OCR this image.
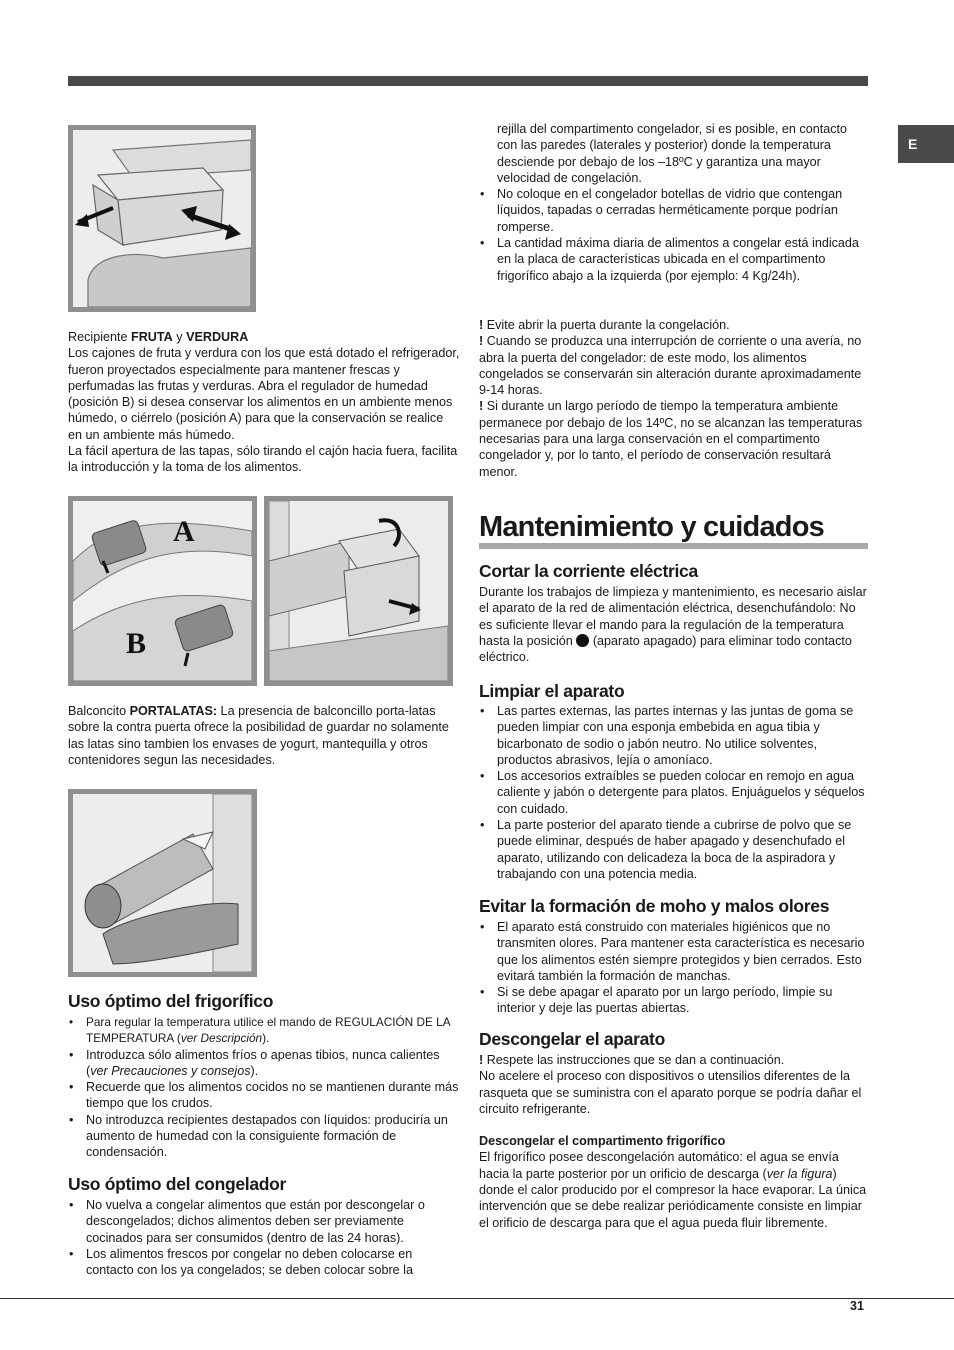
E

Recipiente FRUTA y VERDURA

Los cajones de fruta y verdura con los que está dotado el refrigerador, fueron proyectados especialmente para mantener frescas y perfumadas las frutas y verduras. Abra el regulador de humedad (posición B) si desea conservar los alimentos en un ambiente menos húmedo, o ciérrelo (posición A) para que la conservación se realice en un ambiente más húmedo.

La fácil apertura de las tapas, sólo tirando el cajón hacia fuera, facilita la introducción y la toma de los alimentos.

A
B

Balconcito PORTALATAS: La presencia de balconcillo porta-latas sobre la contra puerta ofrece la posibilidad de guardar no solamente las latas sino tambien los envases de yogurt, mantequilla y otros contenidores segun las necesidades.

Uso óptimo del frigorífico
• Para regular la temperatura utilice el mando de REGULACIÓN DE LA TEMPERATURA (ver Descripción).
• Introduzca sólo alimentos fríos o apenas tibios, nunca calientes (ver Precauciones y consejos).
• Recuerde que los alimentos cocidos no se mantienen durante más tiempo que los crudos.
• No introduzca recipientes destapados con líquidos: produciría un aumento de humedad con la consiguiente formación de condensación.
Uso óptimo del congelador
• No vuelva a congelar alimentos que están por descongelar o descongelados; dichos alimentos deben ser previamente cocinados para ser consumidos (dentro de las 24 horas).
• Los alimentos frescos por congelar no deben colocarse en contacto con los ya congelados; se deben colocar sobre la

rejilla del compartimento congelador, si es posible, en contacto con las paredes (laterales y posterior) donde la temperatura desciende por debajo de los –18ºC y garantiza una mayor velocidad de congelación.

• No coloque en el congelador botellas de vidrio que contengan líquidos, tapadas o cerradas herméticamente porque podrían romperse.
• La cantidad máxima diaria de alimentos a congelar está indicada en la placa de características ubicada en el compartimento frigorífico abajo a la izquierda (por ejemplo: 4 Kg/24h).

! Evite abrir la puerta durante la congelación.

! Cuando se produzca una interrupción de corriente o una avería, no abra la puerta del congelador: de este modo, los alimentos congelados se conservarán sin alteración durante aproximadamente 9-14 horas.

! Si durante un largo período de tiempo la temperatura ambiente permanece por debajo de los 14ºC, no se alcanzan las temperaturas necesarias para una larga conservación en el compartimento congelador y, por lo tanto, el período de conservación resultará menor.

Mantenimiento y cuidados
Cortar la corriente eléctrica

Durante los trabajos de limpieza y mantenimiento, es necesario aislar el aparato de la red de alimentación eléctrica, desenchufándolo: No es suficiente llevar el mando para la regulación de la temperatura hasta la posición  (aparato apagado) para eliminar todo contacto eléctrico.

Limpiar el aparato
• Las partes externas, las partes internas y las juntas de goma se pueden limpiar con una esponja embebida en agua tibia y bicarbonato de sodio o jabón neutro. No utilice solventes, productos abrasivos, lejía o amoníaco.
• Los accesorios extraíbles se pueden colocar en remojo en agua caliente y jabón o detergente para platos. Enjuáguelos y séquelos con cuidado.
• La parte posterior del aparato tiende a cubrirse de polvo que se puede eliminar, después de haber apagado y desenchufado el aparato, utilizando con delicadeza la boca de la aspiradora y trabajando con una potencia media.
Evitar la formación de moho y malos olores
• El aparato está construido con materiales higiénicos que no transmiten olores. Para mantener esta característica es necesario que los alimentos estén siempre protegidos y bien cerrados. Esto evitará también la formación de manchas.
• Si se debe apagar el aparato por un largo período, limpie su interior y deje las puertas abiertas.
Descongelar el aparato

! Respete las instrucciones que se dan a continuación.

No acelere el proceso con dispositivos o utensilios diferentes de la rasqueta que se suministra con el aparato porque se podría dañar el circuito refrigerante.

Descongelar el compartimento frigorífico

El frigorífico posee descongelación automático: el agua se envía hacia la parte posterior por un orificio de descarga (ver la figura) donde el calor producido por el compresor la hace evaporar. La única intervención que se debe realizar periódicamente consiste en limpiar el orificio de descarga para que el agua pueda fluir libremente.

31
